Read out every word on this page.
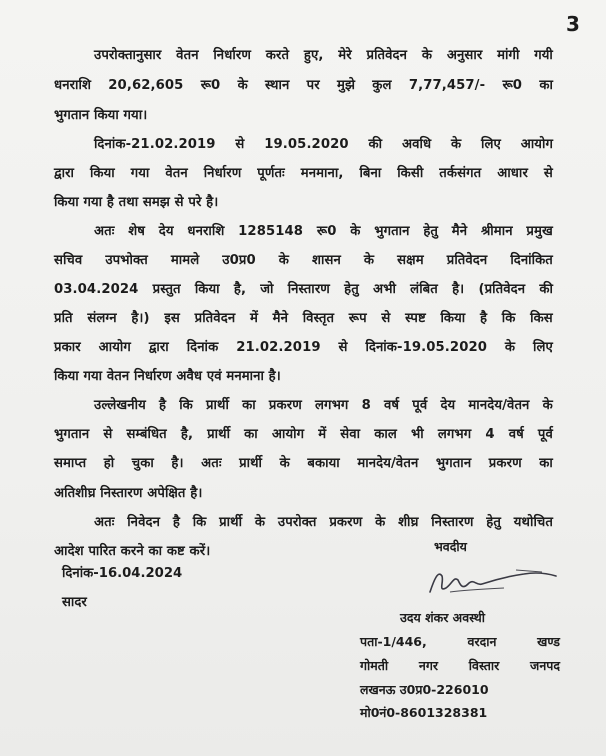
3
उपरोक्तानुसार वेतन निर्धारण करते हुए, मेरे प्रतिवेदन के अनुसार मांगी गयी
धनराशि 20,62,605 रू0 के स्थान पर मुझे कुल 7,77,457/- रू0 का
भुगतान किया गया।
दिनांक-21.02.2019 से 19.05.2020 की अवधि के लिए आयोग
द्वारा किया गया वेतन निर्धारण पूर्णतः मनमाना, बिना किसी तर्कसंगत आधार से
किया गया है तथा समझ से परे है।
अतः शेष देय धनराशि 1285148 रू0 के भुगतान हेतु मैने श्रीमान प्रमुख
सचिव उपभोक्त मामले उ0प्र0 के शासन के सक्षम प्रतिवेदन दिनांकित
03.04.2024 प्रस्तुत किया है, जो निस्तारण हेतु अभी लंबित है। (प्रतिवेदन की
प्रति संलग्न है।) इस प्रतिवेदन में मैने विस्तृत रूप से स्पष्ट किया है कि किस
प्रकार आयोग द्वारा दिनांक 21.02.2019 से दिनांक-19.05.2020 के लिए
किया गया वेतन निर्धारण अवैध एवं मनमाना है।
उल्लेखनीय है कि प्रार्थी का प्रकरण लगभग 8 वर्ष पूर्व देय मानदेय/वेतन के
भुगतान से सम्बंधित है, प्रार्थी का आयोग में सेवा काल भी लगभग 4 वर्ष पूर्व
समाप्त हो चुका है। अतः प्रार्थी के बकाया मानदेय/वेतन भुगतान प्रकरण का
अतिशीघ्र निस्तारण अपेक्षित है।
अतः निवेदन है कि प्रार्थी के उपरोक्त प्रकरण के शीघ्र निस्तारण हेतु यथोचित
आदेश पारित करने का कष्ट करें।
दिनांक-16.04.2024
सादर
भवदीय
उदय शंकर अवस्थी
पता-1/446,	वरदान	खण्ड
गोमती नगर विस्तार जनपद
लखनऊ उ0प्र0-226010
मो0नं0-8601328381
